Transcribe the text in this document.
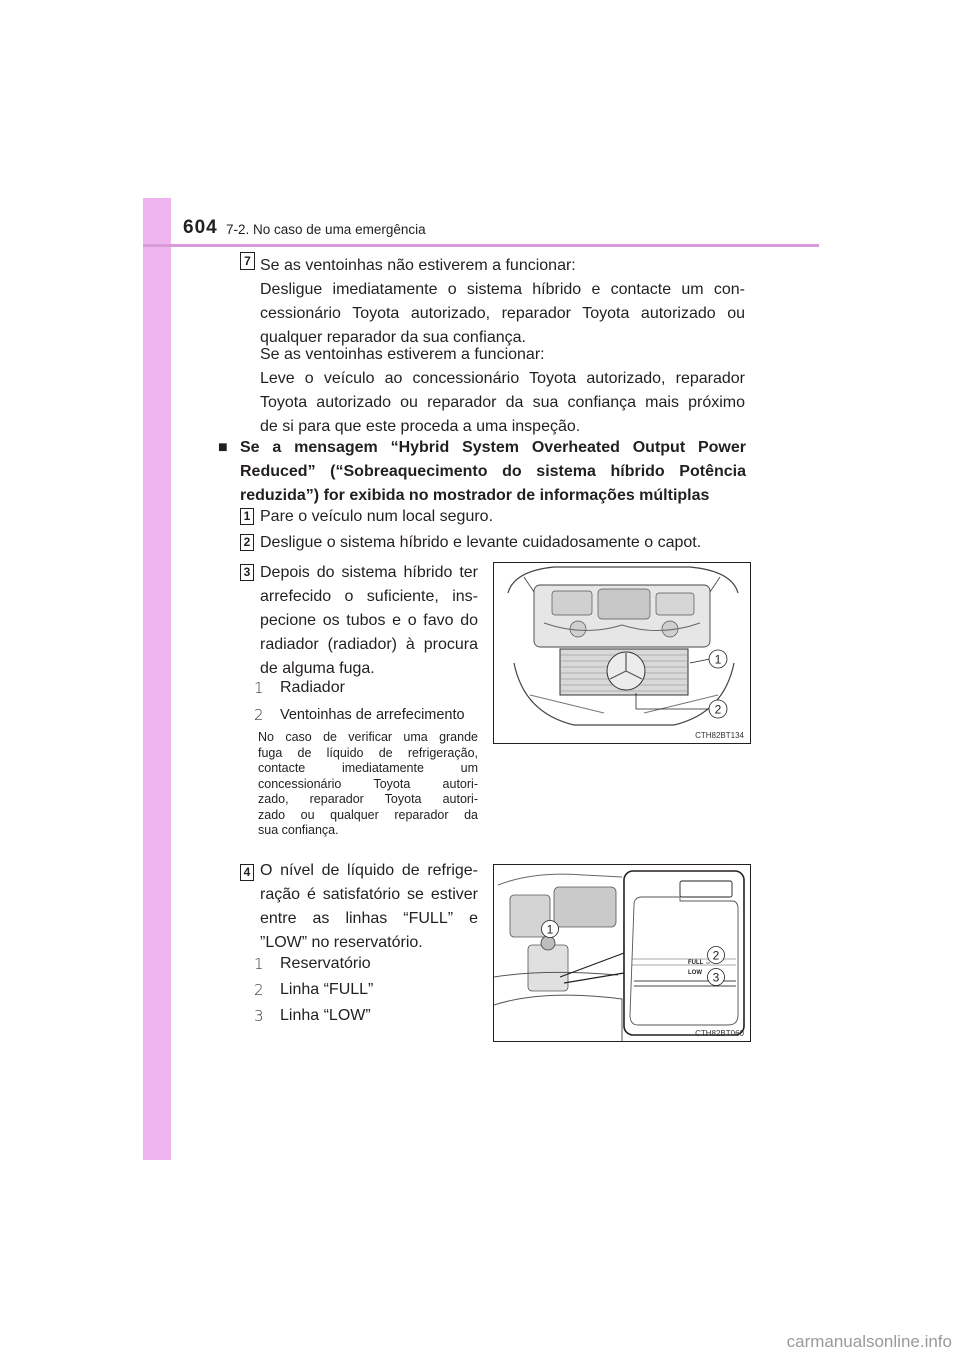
604 7-2. No caso de uma emergência
7 Se as ventoinhas não estiverem a funcionar:
Desligue imediatamente o sistema híbrido e contacte um con-
cessionário Toyota autorizado, reparador Toyota autorizado ou
qualquer reparador da sua confiança.
Se as ventoinhas estiverem a funcionar:
Leve o veículo ao concessionário Toyota autorizado, reparador
Toyota autorizado ou reparador da sua confiança mais próximo
de si para que este proceda a uma inspeção.
■ Se a mensagem “Hybrid System Overheated Output Power
Reduced” (“Sobreaquecimento do sistema híbrido Potência
reduzida”) for exibida no mostrador de informações múltiplas
1 Pare o veículo num local seguro.
2 Desligue o sistema híbrido e levante cuidadosamente o capot.
3 Depois do sistema híbrido ter
arrefecido o suficiente, ins-
pecione os tubos e o favo do
radiador (radiador) à procura
de alguma fuga.
1 Radiador
2 Ventoinhas de arrefecimento
No caso de verificar uma grande
fuga de líquido de refrigeração,
contacte imediatamente um
concessionário Toyota autori-
zado, reparador Toyota autori-
zado ou qualquer reparador da
sua confiança.
1
2
CTH82BT134
4 O nível de líquido de refrige-
ração é satisfatório se estiver
entre as linhas “FULL” e
”LOW” no reservatório.
1 Reservatório
2 Linha “FULL”
3 Linha “LOW”
FULL
LOW
1
2
3
CTH82BT060
carmanualsonline.info
